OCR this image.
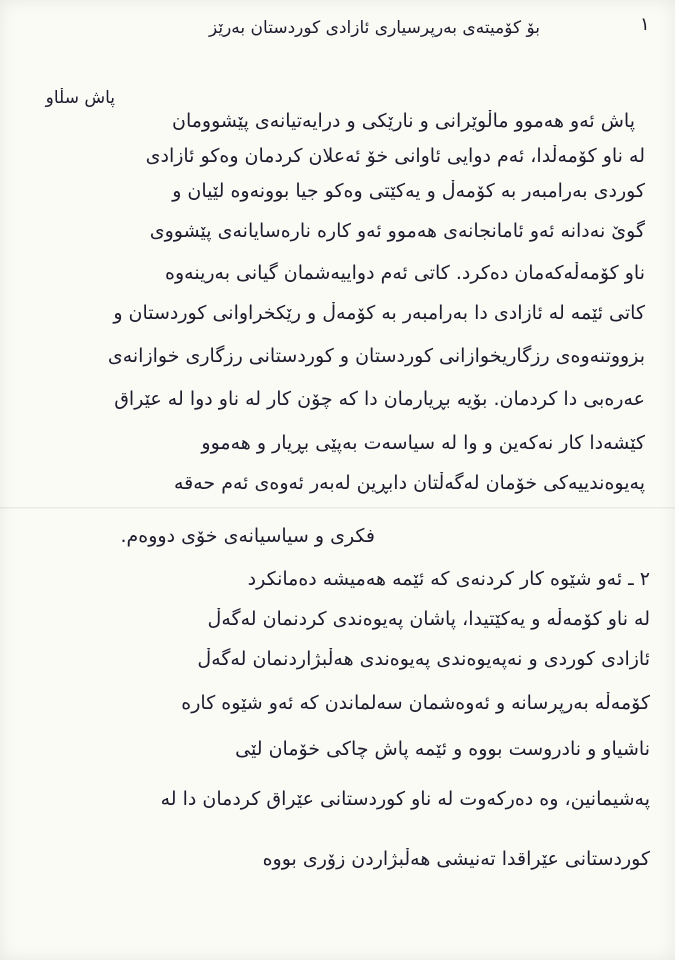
١
بۆ کۆمیتەی بەرپرسیاری ئازادی کوردستان بەرێز
پاش سڵاو
پاش ئەو هەموو ماڵوێرانی و نارێکی و درایەتیانەی پێشوومان
لە ناو کۆمەڵدا، ئەم دوایی ئاوانی خۆ ئەعلان کردمان وەکو ئازادی
کوردی بەرامبەر بە کۆمەڵ و یەکێتی وەکو جیا بوونەوە لێیان و
گوێ نەدانە ئەو ئامانجانەی هەموو ئەو کارە نارەسایانەی پێشووی
ناو کۆمەڵەکەمان دەکرد. کاتی ئەم دواییەشمان گیانی بەرینەوە
کاتی ئێمە لە ئازادی دا بەرامبەر بە کۆمەڵ و رێکخراوانی کوردستان و
بزووتنەوەی رزگاریخوازانی کوردستان و کوردستانی رزگاری خوازانەی
عەرەبی دا کردمان. بۆیە بڕیارمان دا کە چۆن کار لە ناو دوا لە عێراق
کێشەدا کار نەکەین و وا لە سیاسەت بەپێی بڕیار و هەموو
پەیوەندییەکی خۆمان لەگەڵتان دابڕین لەبەر ئەوەی ئەم حەقە
فکری و سیاسیانەی خۆی دووەم.
٢ ـ ئەو شێوە کار کردنەی کە ئێمە هەمیشە دەمانکرد
لە ناو کۆمەڵە و یەکێتیدا، پاشان پەیوەندی کردنمان لەگەڵ
ئازادی کوردی و نەپەیوەندی پەیوەندی هەڵبژاردنمان لەگەڵ
کۆمەڵە بەرپرسانە و ئەوەشمان سەلماندن کە ئەو شێوە کارە
ناشیاو و نادروست بووە و ئێمە پاش چاکی خۆمان لێی
پەشیمانین، وە دەرکەوت لە ناو کوردستانی عێراق کردمان دا لە
کوردستانی عێراقدا تەنیشی هەڵبژاردن زۆری بووە
